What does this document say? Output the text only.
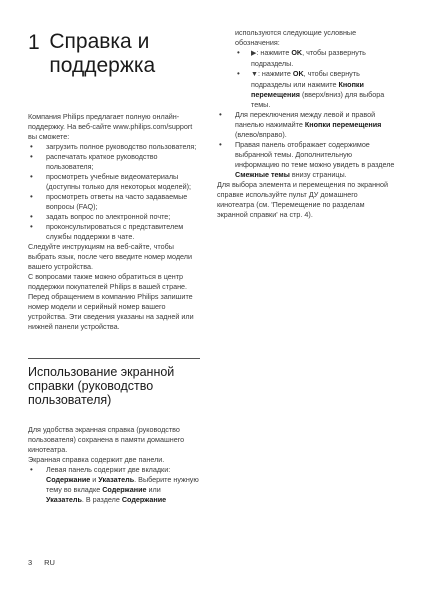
1 Справка и поддержка

Компания Philips предлагает полную онлайн-поддержку. На веб-сайте www.philips.com/support вы сможете:

• загрузить полное руководство пользователя;
• распечатать краткое руководство пользователя;
• просмотреть учебные видеоматериалы (доступны только для некоторых моделей);
• просмотреть ответы на часто задаваемые вопросы (FAQ);
• задать вопрос по электронной почте;
• проконсультироваться с представителем службы поддержки в чате.

Следуйте инструкциям на веб-сайте, чтобы выбрать язык, после чего введите номер модели вашего устройства.

С вопросами также можно обратиться в центр поддержки покупателей Philips в вашей стране. Перед обращением в компанию Philips запишите номер модели и серийный номер вашего устройства. Эти сведения указаны на задней или нижней панели устройства.

Использование экранной справки (руководство пользователя)

Для удобства экранная справка (руководство пользователя) сохранена в памяти домашнего кинотеатра.

Экранная справка содержит две панели.

• Левая панель содержит две вкладки: Содержание и Указатель. Выберите нужную тему во вкладке Содержание или Указатель. В разделе Содержание

используются следующие условные обозначения:

• ▶: нажмите OK, чтобы развернуть подразделы.
• ▼: нажмите OK, чтобы свернуть подразделы или нажмите Кнопки перемещения (вверх/вниз) для выбора темы.
• Для переключения между левой и правой панелью нажимайте Кнопки перемещения (влево/вправо).
• Правая панель отображает содержимое выбранной темы. Дополнительную информацию по теме можно увидеть в разделе Смежные темы внизу страницы.

Для выбора элемента и перемещения по экранной справке используйте пульт ДУ домашнего кинотеатра (см. 'Перемещение по разделам экранной справки' на стр. 4).

3 RU
